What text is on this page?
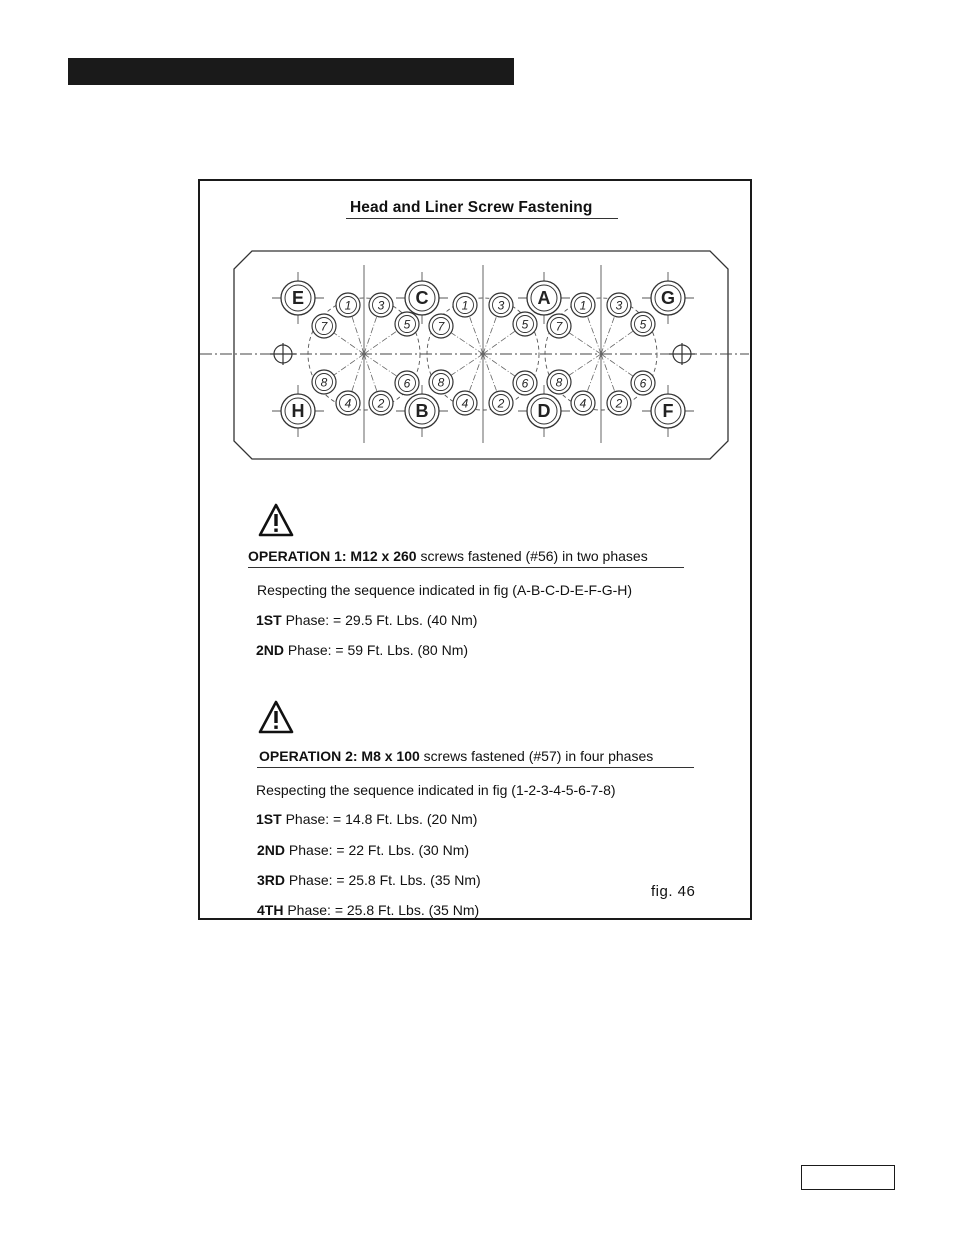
Head and Liner Screw Fastening
E	C	A	G
H	B	D	F
1 3
5
7
1 3
5
7
1 3
5
7
8
4 2
6 8
4 2
6 8
4 2
6
OPERATION 1: M12 x 260 screws fastened (#56) in two phases
Respecting the sequence indicated in fig (A-B-C-D-E-F-G-H)
1ST Phase: = 29.5 Ft. Lbs. (40 Nm)
2ND Phase: = 59 Ft. Lbs. (80 Nm)
OPERATION 2: M8 x 100 screws fastened (#57) in four phases
Respecting the sequence indicated in fig (1-2-3-4-5-6-7-8)
1ST Phase: = 14.8 Ft. Lbs. (20 Nm)
2ND Phase: = 22 Ft. Lbs. (30 Nm)
3RD Phase: = 25.8 Ft. Lbs. (35 Nm)
4TH Phase: = 25.8 Ft. Lbs. (35 Nm)
fig. 46
